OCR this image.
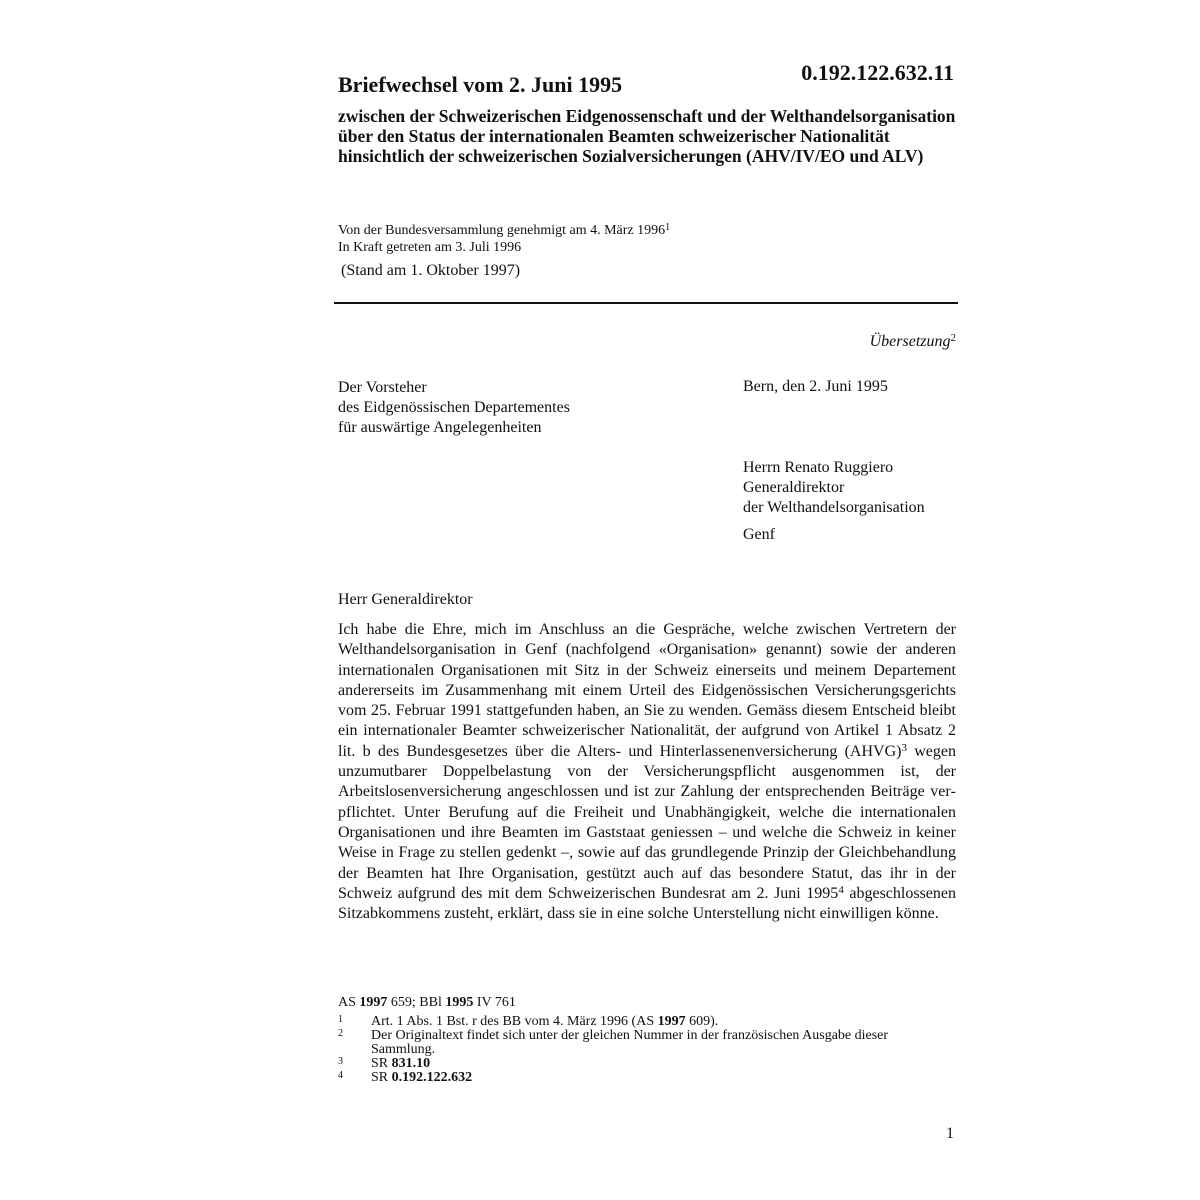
0.192.122.632.11
Briefwechsel vom 2. Juni 1995
zwischen der Schweizerischen Eidgenossenschaft und der Welthandelsorganisation über den Status der internationalen Beamten schweizerischer Nationalität hinsichtlich der schweizerischen Sozialversicherungen (AHV/IV/EO und ALV)
Von der Bundesversammlung genehmigt am 4. März 1996$^1$
In Kraft getreten am 3. Juli 1996
(Stand am 1. Oktober 1997)
Übersetzung$^2$
Der Vorsteher
des Eidgenössischen Departementes
für auswärtige Angelegenheiten
Bern, den 2. Juni 1995
Herrn Renato Ruggiero
Generaldirektor
der Welthandelsorganisation
Genf
Herr Generaldirektor

Ich habe die Ehre, mich im Anschluss an die Gespräche, welche zwischen Vertretern der Welthandelsorganisation in Genf (nachfolgend «Organisation» genannt) sowie der anderen internationalen Organisationen mit Sitz in der Schweiz einerseits und meinem Departement andererseits im Zusammenhang mit einem Urteil des Eidgenössischen Versicherungsgerichts vom 25. Februar 1991 stattgefunden haben, an Sie zu wenden. Gemäss diesem Entscheid bleibt ein internationaler Beamter schweizerischer Nationalität, der aufgrund von Artikel 1 Absatz 2 lit. b des Bundesgesetzes über die Alters- und Hinterlassenenversicherung (AHVG)$^3$ wegen unzumutbarer Doppelbelastung von der Versicherungspflicht ausgenommen ist, der Arbeitslosenversicherung angeschlossen und ist zur Zahlung der entsprechenden Beiträge verpflichtet. Unter Berufung auf die Freiheit und Unabhängigkeit, welche die internationalen Organisationen und ihre Beamten im Gaststaat geniessen – und welche die Schweiz in keiner Weise in Frage zu stellen gedenkt –, sowie auf das grundlegende Prinzip der Gleichbehandlung der Beamten hat Ihre Organisation, gestützt auch auf das besondere Statut, das ihr in der Schweiz aufgrund des mit dem Schweizerischen Bundesrat am 2. Juni 1995$^4$ abgeschlossenen Sitzabkommens zusteht, erklärt, dass sie in eine solche Unterstellung nicht einwilligen könne.

AS 1997 659; BBl 1995 IV 761
1 Art. 1 Abs. 1 Bst. r des BB vom 4. März 1996 (AS 1997 609).
2 Der Originaltext findet sich unter der gleichen Nummer in der französischen Ausgabe dieser Sammlung.
3 SR 831.10
4 SR 0.192.122.632
1
